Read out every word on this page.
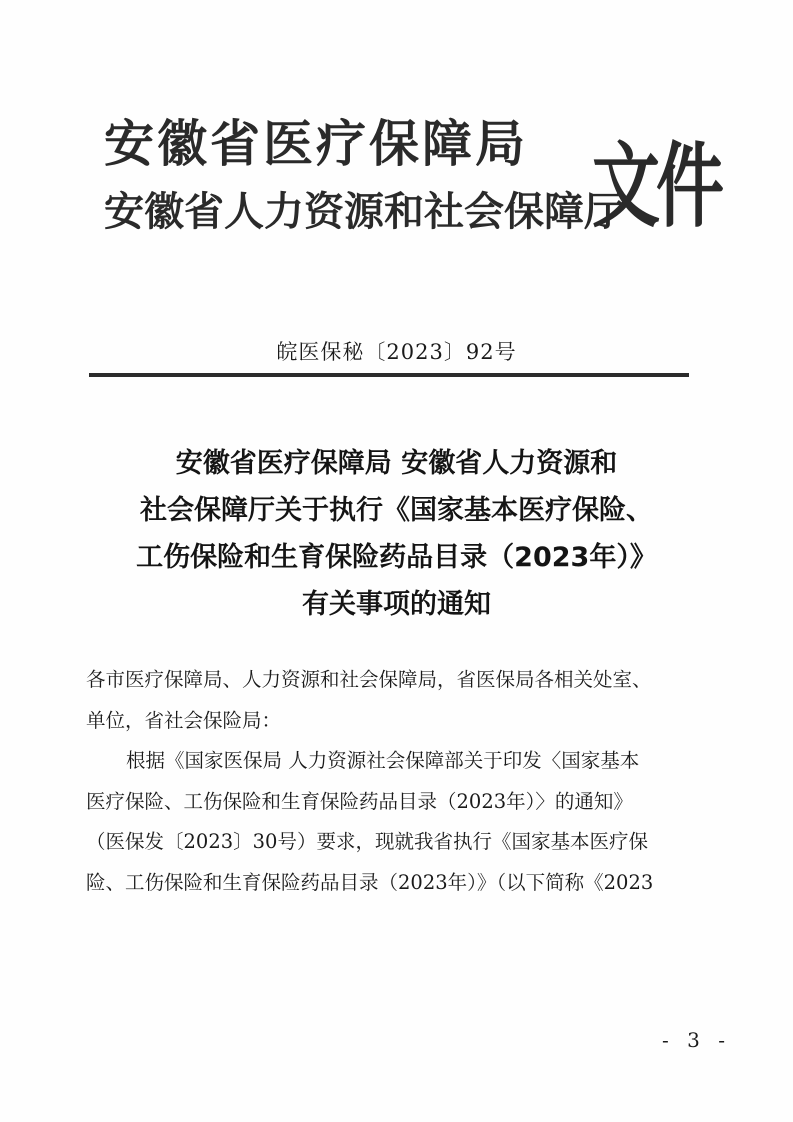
安徽省医疗保障局
安徽省人力资源和社会保障厅
文件
皖医保秘〔2023〕92号
安徽省医疗保障局 安徽省人力资源和
社会保障厅关于执行《国家基本医疗保险、
工伤保险和生育保险药品目录（2023年）》
有关事项的通知

各市医疗保障局、人力资源和社会保障局，省医保局各相关处室、

单位，省社会保险局：

根据《国家医保局 人力资源社会保障部关于印发〈国家基本

医疗保险、工伤保险和生育保险药品目录（2023年）〉的通知》

（医保发〔2023〕30号）要求，现就我省执行《国家基本医疗保

险、工伤保险和生育保险药品目录（2023年）》（以下简称《2023

- 3 -
